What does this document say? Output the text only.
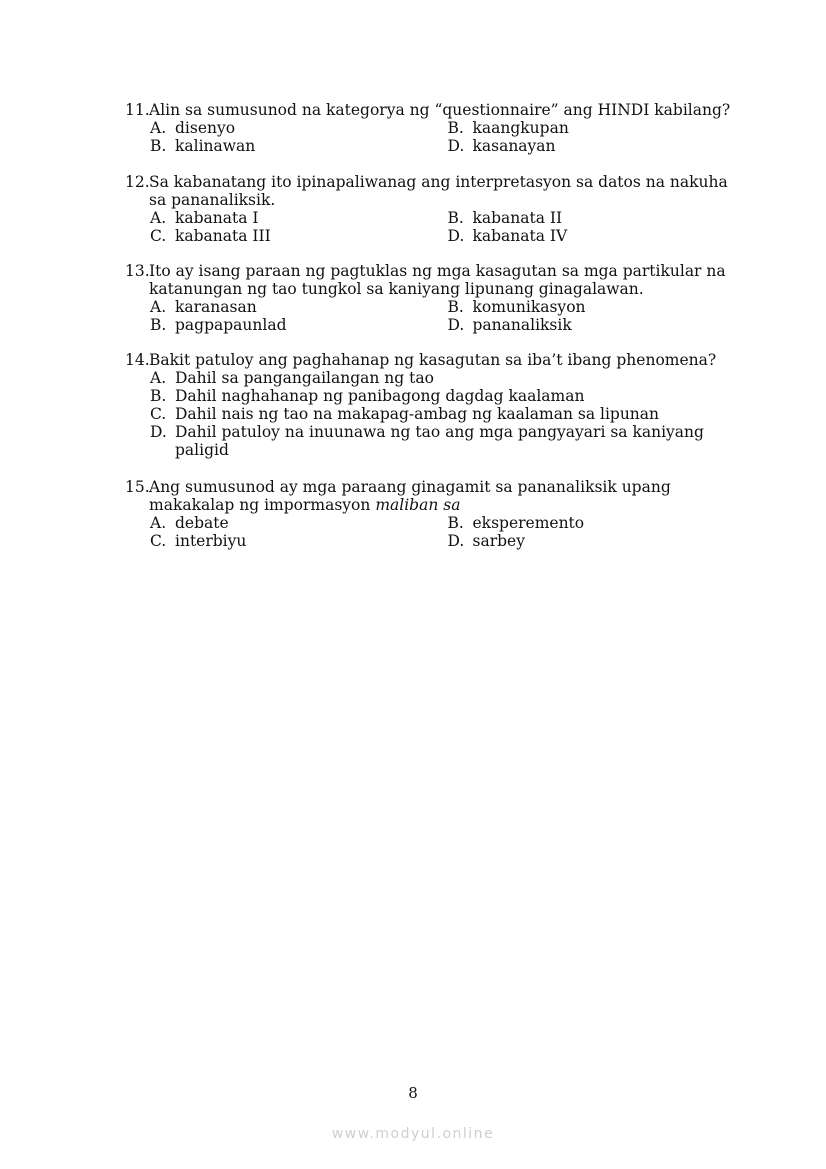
11. Alin sa sumusunod na kategorya ng “questionnaire” ang HINDI kabilang?
A. disenyo	B. kaangkupan
B. kalinawan	D. kasanayan
12. Sa kabanatang ito ipinapaliwanag ang interpretasyon sa datos na nakuha sa pananaliksik.
A. kabanata I	B. kabanata II
C. kabanata III	D. kabanata IV
13. Ito ay isang paraan ng pagtuklas ng mga kasagutan sa mga partikular na katanungan ng tao tungkol sa kaniyang lipunang ginagalawan.
A. karanasan	B. komunikasyon
B. pagpapaunlad	D. pananaliksik
14. Bakit patuloy ang paghahanap ng kasagutan sa iba’t ibang phenomena?
A. Dahil sa pangangailangan ng tao
B. Dahil naghahanap ng panibagong dagdag kaalaman
C. Dahil nais ng tao na makapag-ambag ng kaalaman sa lipunan
D. Dahil patuloy na inuunawa ng tao ang mga pangyayari sa kaniyang paligid
15. Ang sumusunod ay mga paraang ginagamit sa pananaliksik upang makakalap ng impormasyon maliban sa
A. debate	B. eksperemento
C. interbiyu	D. sarbey
8
www.modyul.online
